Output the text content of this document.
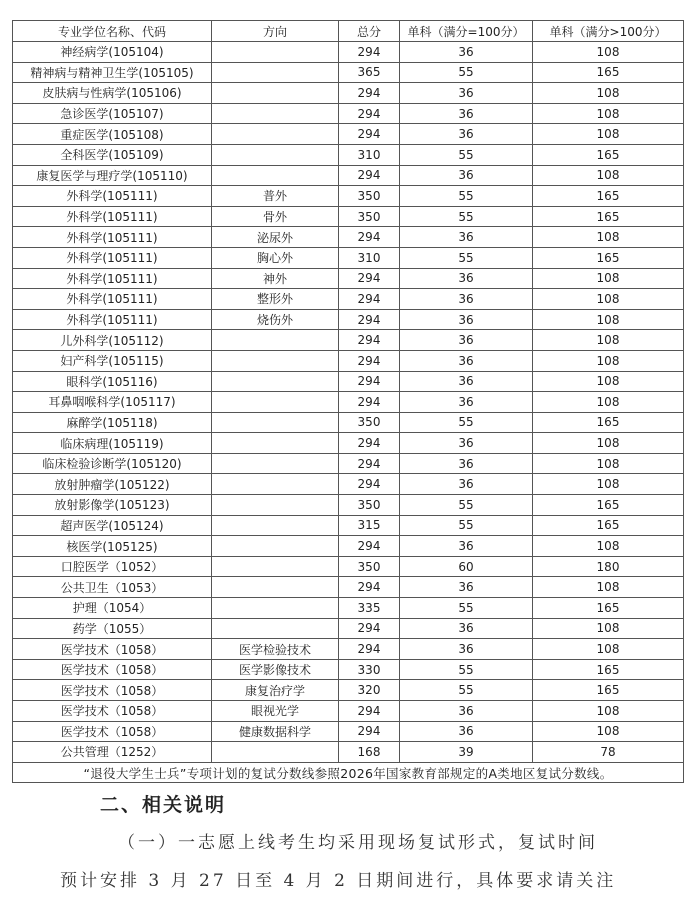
专业学位名称、代码	方向	总分	单科（满分=100分）	单科（满分>100分）
神经病学(105104)		294	36	108
精神病与精神卫生学(105105)		365	55	165
皮肤病与性病学(105106)		294	36	108
急诊医学(105107)		294	36	108
重症医学(105108)		294	36	108
全科医学(105109)		310	55	165
康复医学与理疗学(105110)		294	36	108
外科学(105111)	普外	350	55	165
外科学(105111)	骨外	350	55	165
外科学(105111)	泌尿外	294	36	108
外科学(105111)	胸心外	310	55	165
外科学(105111)	神外	294	36	108
外科学(105111)	整形外	294	36	108
外科学(105111)	烧伤外	294	36	108
儿外科学(105112)		294	36	108
妇产科学(105115)		294	36	108
眼科学(105116)		294	36	108
耳鼻咽喉科学(105117)		294	36	108
麻醉学(105118)		350	55	165
临床病理(105119)		294	36	108
临床检验诊断学(105120)		294	36	108
放射肿瘤学(105122)		294	36	108
放射影像学(105123)		350	55	165
超声医学(105124)		315	55	165
核医学(105125)		294	36	108
口腔医学（1052）		350	60	180
公共卫生（1053）		294	36	108
护理（1054）		335	55	165
药学（1055）		294	36	108
医学技术（1058）	医学检验技术	294	36	108
医学技术（1058）	医学影像技术	330	55	165
医学技术（1058）	康复治疗学	320	55	165
医学技术（1058）	眼视光学	294	36	108
医学技术（1058）	健康数据科学	294	36	108
公共管理（1252）		168	39	78
“退役大学生士兵”专项计划的复试分数线参照2026年国家教育部规定的A类地区复试分数线。				
二、相关说明

（一）一志愿上线考生均采用现场复试形式，复试时间

预计安排 3 月 27 日至 4 月 2 日期间进行，具体要求请关注
